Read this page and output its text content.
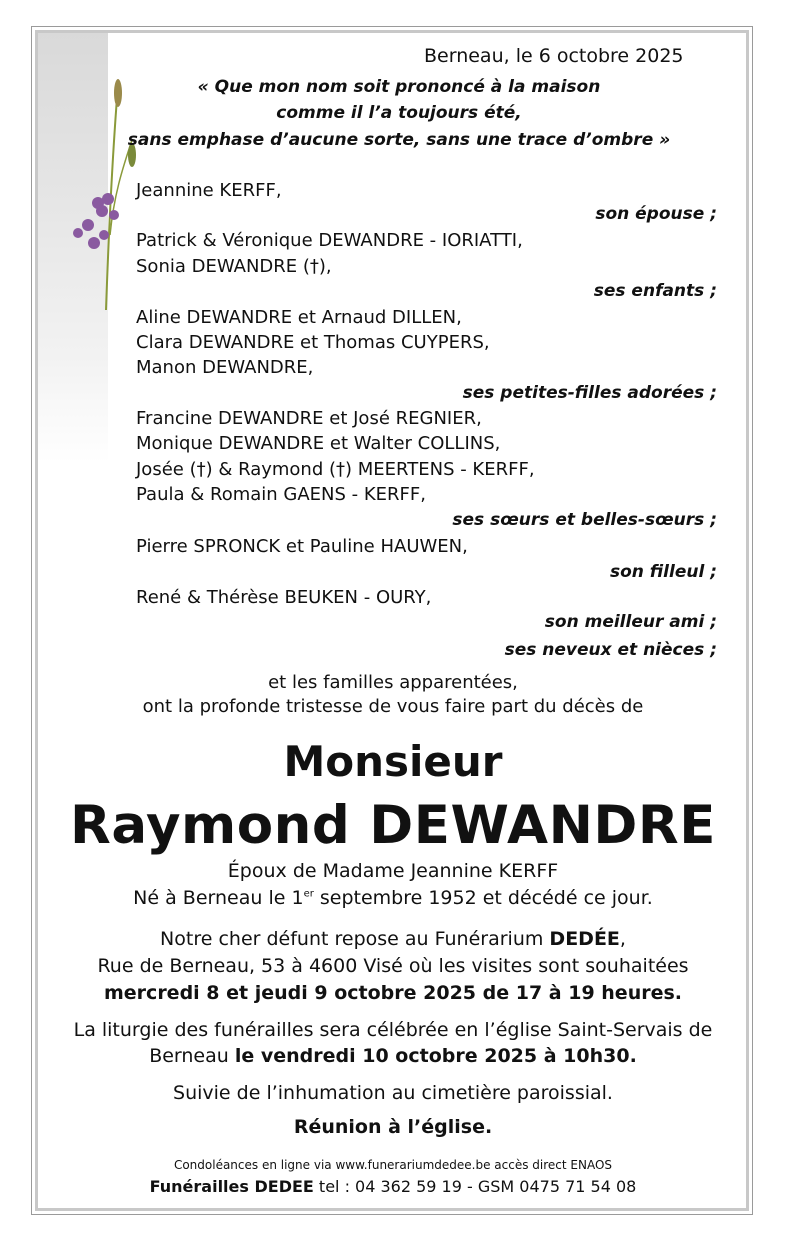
Berneau, le 6 octobre 2025
« Que mon nom soit prononcé à la maison
comme il l’a toujours été,
sans emphase d’aucune sorte, sans une trace d’ombre »
Jeannine KERFF,
son épouse ;
Patrick & Véronique DEWANDRE - IORIATTI,
Sonia DEWANDRE (†),
ses enfants ;
Aline DEWANDRE et Arnaud DILLEN,
Clara DEWANDRE et Thomas CUYPERS,
Manon DEWANDRE,
ses petites-filles adorées ;
Francine DEWANDRE et José REGNIER,
Monique DEWANDRE et Walter COLLINS,
Josée (†) & Raymond (†) MEERTENS - KERFF,
Paula & Romain GAENS - KERFF,
ses sœurs et belles-sœurs ;
Pierre SPRONCK et Pauline HAUWEN,
son filleul ;
René & Thérèse BEUKEN - OURY,
son meilleur ami ;
ses neveux et nièces ;
et les familles apparentées,
ont la profonde tristesse de vous faire part du décès de
Monsieur
Raymond DEWANDRE
Époux de Madame Jeannine KERFF
Né à Berneau le 1er septembre 1952 et décédé ce jour.
Notre cher défunt repose au Funérarium DEDÉE,
Rue de Berneau, 53 à 4600 Visé où les visites sont souhaitées
mercredi 8 et jeudi 9 octobre 2025 de 17 à 19 heures.
La liturgie des funérailles sera célébrée en l’église Saint-Servais de
Berneau le vendredi 10 octobre 2025 à 10h30.
Suivie de l’inhumation au cimetière paroissial.
Réunion à l’église.
Condoléances en ligne via www.funerariumdedee.be accès direct ENAOS
Funérailles DEDEE tel : 04 362 59 19 - GSM 0475 71 54 08
